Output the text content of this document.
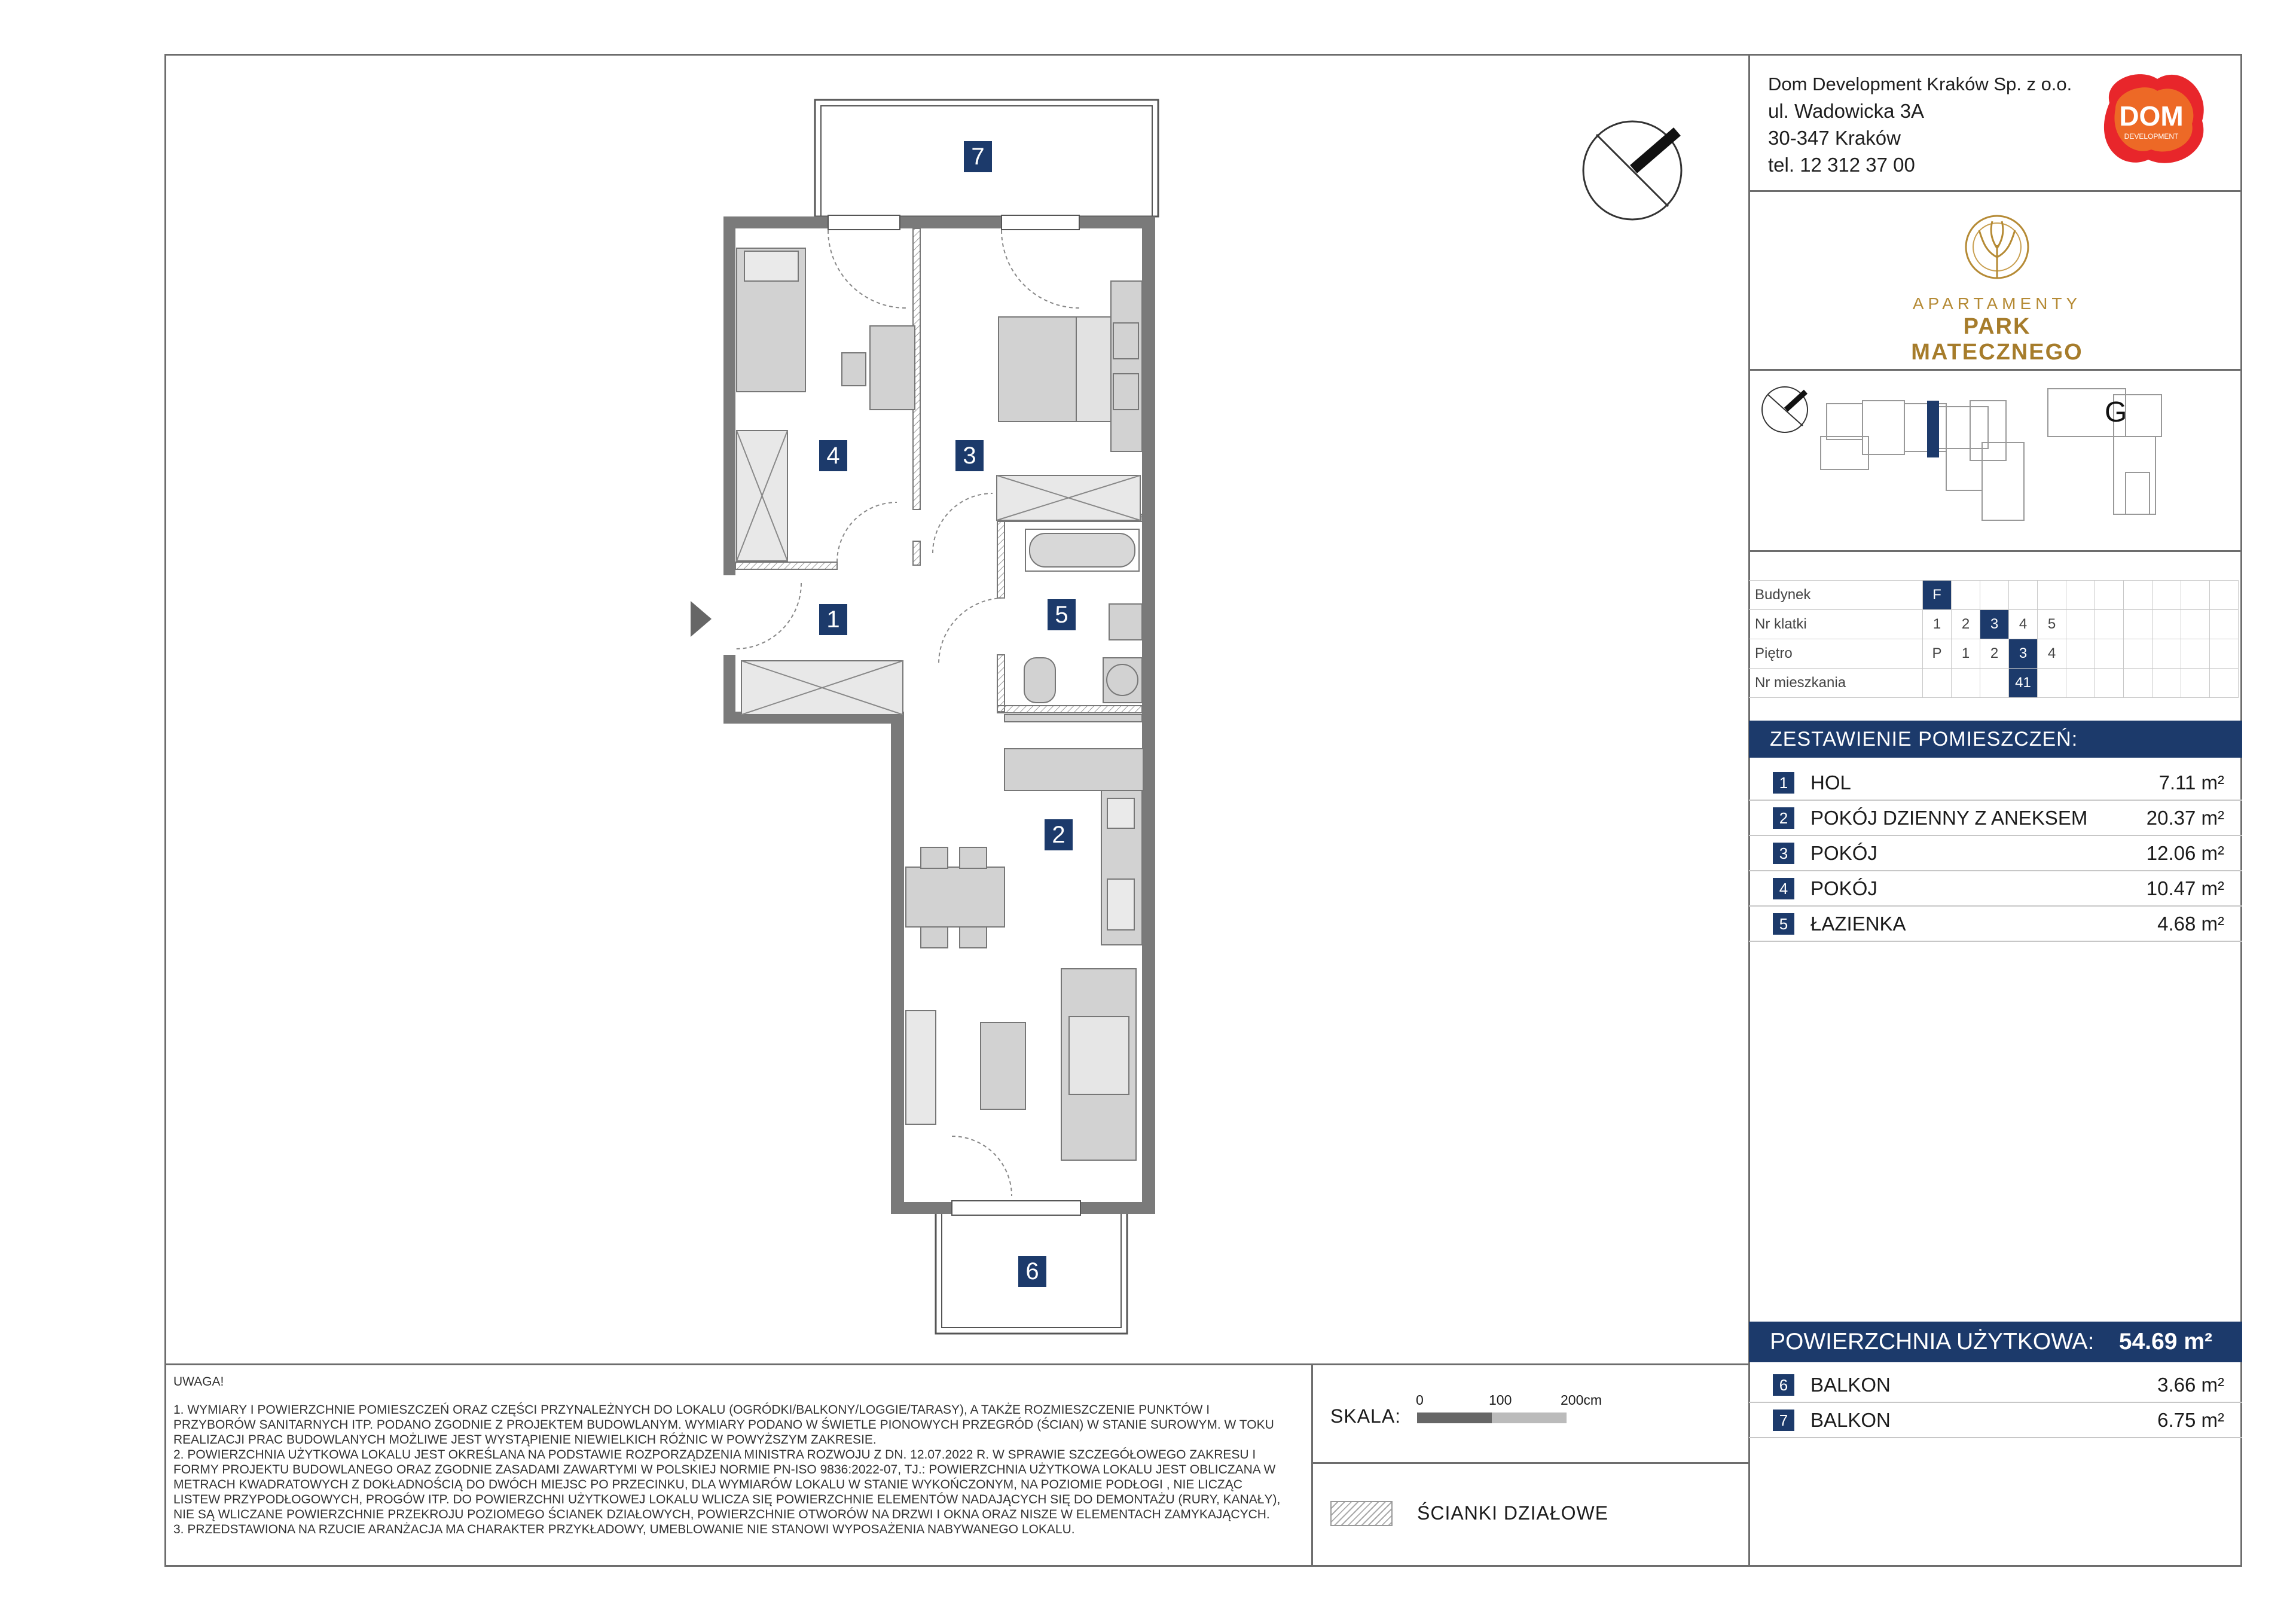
Dom Development Kraków Sp. z o.o.
ul. Wadowicka 3A
30-347 Kraków
tel. 12 312 37 00
DOM
DEVELOPMENT
APARTAMENTY
PARK MATECZNEGO
G
Budynek	F										
Nr klatki	1	2	3	4	5						
Piętro	P	1	2	3	4						
Nr mieszkania				41							
ZESTAWIENIE POMIESZCZEŃ:
1	HOL	7.11 m²
2	POKÓJ DZIENNY Z ANEKSEM	20.37 m²
3	POKÓJ	12.06 m²
4	POKÓJ	10.47 m²
5	ŁAZIENKA	4.68 m²
POWIERZCHNIA UŻYTKOWA: 54.69 m²
6	BALKON	3.66 m²
7	BALKON	6.75 m²
UWAGA!
1. WYMIARY I POWIERZCHNIE POMIESZCZEŃ ORAZ CZĘŚCI PRZYNALEŻNYCH DO LOKALU (OGRÓDKI/BALKONY/LOGGIE/TARASY), A TAKŻE ROZMIESZCZENIE PUNKTÓW I PRZYBORÓW SANITARNYCH ITP. PODANO ZGODNIE Z PROJEKTEM BUDOWLANYM. WYMIARY PODANO W ŚWIETLE PIONOWYCH PRZEGRÓD (ŚCIAN) W STANIE SUROWYM. W TOKU REALIZACJI PRAC BUDOWLANYCH MOŻLIWE JEST WYSTĄPIENIE NIEWIELKICH RÓŻNIC W POWYŻSZYM ZAKRESIE.
2. POWIERZCHNIA UŻYTKOWA LOKALU JEST OKREŚLANA NA PODSTAWIE ROZPORZĄDZENIA MINISTRA ROZWOJU Z DN. 12.07.2022 R. W SPRAWIE SZCZEGÓŁOWEGO ZAKRESU I FORMY PROJEKTU BUDOWLANEGO ORAZ ZGODNIE ZASADAMI ZAWARTYMI W POLSKIEJ NORMIE PN-ISO 9836:2022-07, TJ.: POWIERZCHNIA UŻYTKOWA LOKALU JEST OBLICZANA W METRACH KWADRATOWYCH Z DOKŁADNOŚCIĄ DO DWÓCH MIEJSC PO PRZECINKU, DLA WYMIARÓW LOKALU W STANIE WYKOŃCZONYM, NA POZIOMIE PODŁOGI , NIE LICZĄC LISTEW PRZYPODŁOGOWYCH, PROGÓW ITP. DO POWIERZCHNI UŻYTKOWEJ LOKALU WLICZA SIĘ POWIERZCHNIE ELEMENTÓW NADAJĄCYCH SIĘ DO DEMONTAŻU (RURY, KANAŁY), NIE SĄ WLICZANE POWIERZCHNIE PRZEKROJU POZIOMEGO ŚCIANEK DZIAŁOWYCH, POWIERZCHNIE OTWORÓW NA DRZWI I OKNA ORAZ NISZE W ELEMENTACH ZAMYKAJĄCYCH.
3. PRZEDSTAWIONA NA RZUCIE ARANŻACJA MA CHARAKTER PRZYKŁADOWY, UMEBLOWANIE NIE STANOWI WYPOSAŻENIA NABYWANEGO LOKALU.
SKALA:
0	100	200cm
ŚCIANKI DZIAŁOWE
1
2
3
4
5
6
7
